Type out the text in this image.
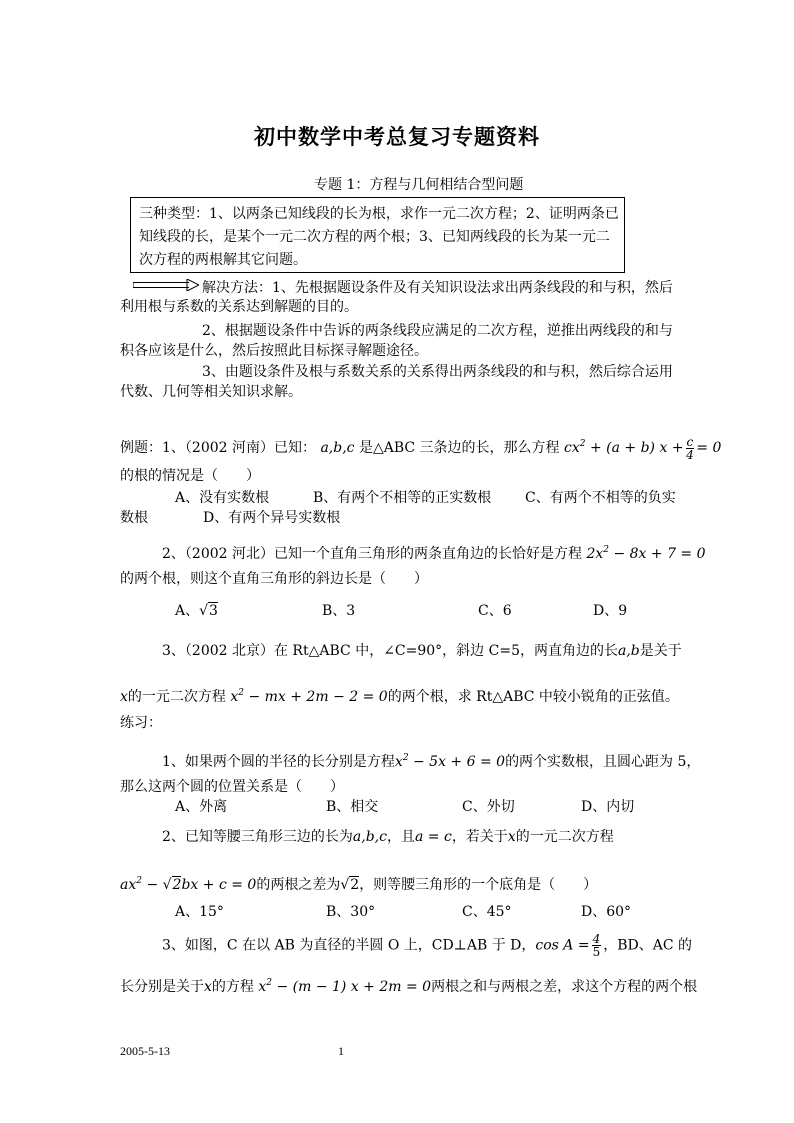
初中数学中考总复习专题资料
专题 1：方程与几何相结合型问题
三种类型：1、以两条已知线段的长为根，求作一元二次方程；2、证明两条已
知线段的长，是某个一元二次方程的两个根；3、已知两线段的长为某一元二
次方程的两根解其它问题。
解决方法：1、先根据题设条件及有关知识设法求出两条线段的和与积，然后
利用根与系数的关系达到解题的目的。
2、根据题设条件中告诉的两条线段应满足的二次方程，逆推出两线段的和与
积各应该是什么，然后按照此目标探寻解题途径。
3、由题设条件及根与系数关系的关系得出两条线段的和与积，然后综合运用
代数、几何等相关知识求解。
例题：1、（2002 河南）已知： a,b,c 是△ABC 三条边的长，那么方程 $cx^2 + (a + b) x + \frac{c}{4} = 0$
的根的情况是（　　）
A、没有实数根	B、有两个不相等的正实数根 C、有两个不相等的负实
数根	D、有两个异号实数根
2、（2002 河北）已知一个直角三角形的两条直角边的长恰好是方程 $2x^2 - 8x + 7 = 0$
的两个根，则这个直角三角形的斜边长是（　　）
A、√3	B、3	C、6	D、9
3、（2002 北京）在 Rt△ABC 中，∠C=90°，斜边 C=5，两直角边的长a,b是关于
x的一元二次方程 $x^2$ − mx + 2m − 2 = 0的两个根，求 Rt△ABC 中较小锐角的正弦值。
练习：
1、如果两个圆的半径的长分别是方程$x^2 - 5x + 6 = 0$的两个实数根，且圆心距为 5，
那么这两个圆的位置关系是（　　）
A、外离	B、相交	C、外切	D、内切
2、已知等腰三角形三边的长为a,b,c，且a = c，若关于x的一元二次方程
$ax^2 - √2bx + c = 0$的两根之差为√2，则等腰三角形的一个底角是（　　）
A、15°	B、30°	C、45°	D、60°
3、如图，C 在以 AB 为直径的半圆 O 上，CD⊥AB 于 D，$\cos A = \frac{4}{5}$ ，BD、AC 的
长分别是关于x的方程 $x^2 - (m - 1) x + 2m = 0$两根之和与两根之差，求这个方程的两个根
2005-5-13	1
